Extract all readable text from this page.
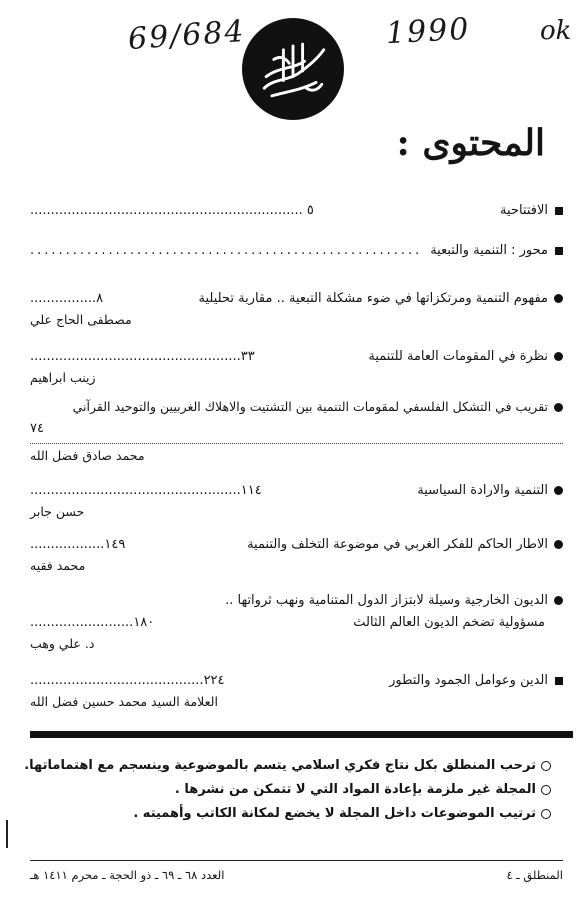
69/684	1990	ok
المحتوى :
الافتتاحية
٥ ..................................................................
محور : التنمية والتبعية
.......................................................
مفهوم التنمية ومرتكزاتها في ضوء مشكلة التبعية .. مقاربة تحليلية
٨................
مصطفى الحاج علي
نظرة في المقومات العامة للتنمية
٣٣...................................................
زينب ابراهيم
تقريب في التشكل الفلسفي لمقومات التنمية بين التشتيت والاهلاك الغربيين والتوحيد القرآني
٧٤
محمد صادق فضل الله
التنمية والارادة السياسية
١١٤...................................................
حسن جابر
الاطار الحاكم للفكر الغربي في موضوعة التخلف والتنمية
١٤٩..................
محمد فقيه
الديون الخارجية وسيلة لابتزاز الدول المتنامية ونهب ثرواتها ..
مسؤولية تضخم الديون العالم الثالث
١٨٠.........................
د. علي وهب
الدين وعوامل الجمود والتطور
٢٢٤..........................................
العلامة السيد محمد حسين فضل الله
ترحب المنطلق بكل نتاج فكري اسلامي يتسم بالموضوعية وينسجم مع اهتماماتها.
المجلة غير ملزمة بإعادة المواد التي لا تتمكن من نشرها .
ترتيب الموضوعات داخل المجلة لا يخضع لمكانة الكاتب وأهميته .
المنطلق ـ ٤
العدد ٦٨ ـ ٦٩ ـ ذو الحجة ـ محرم ١٤١١ هـ
